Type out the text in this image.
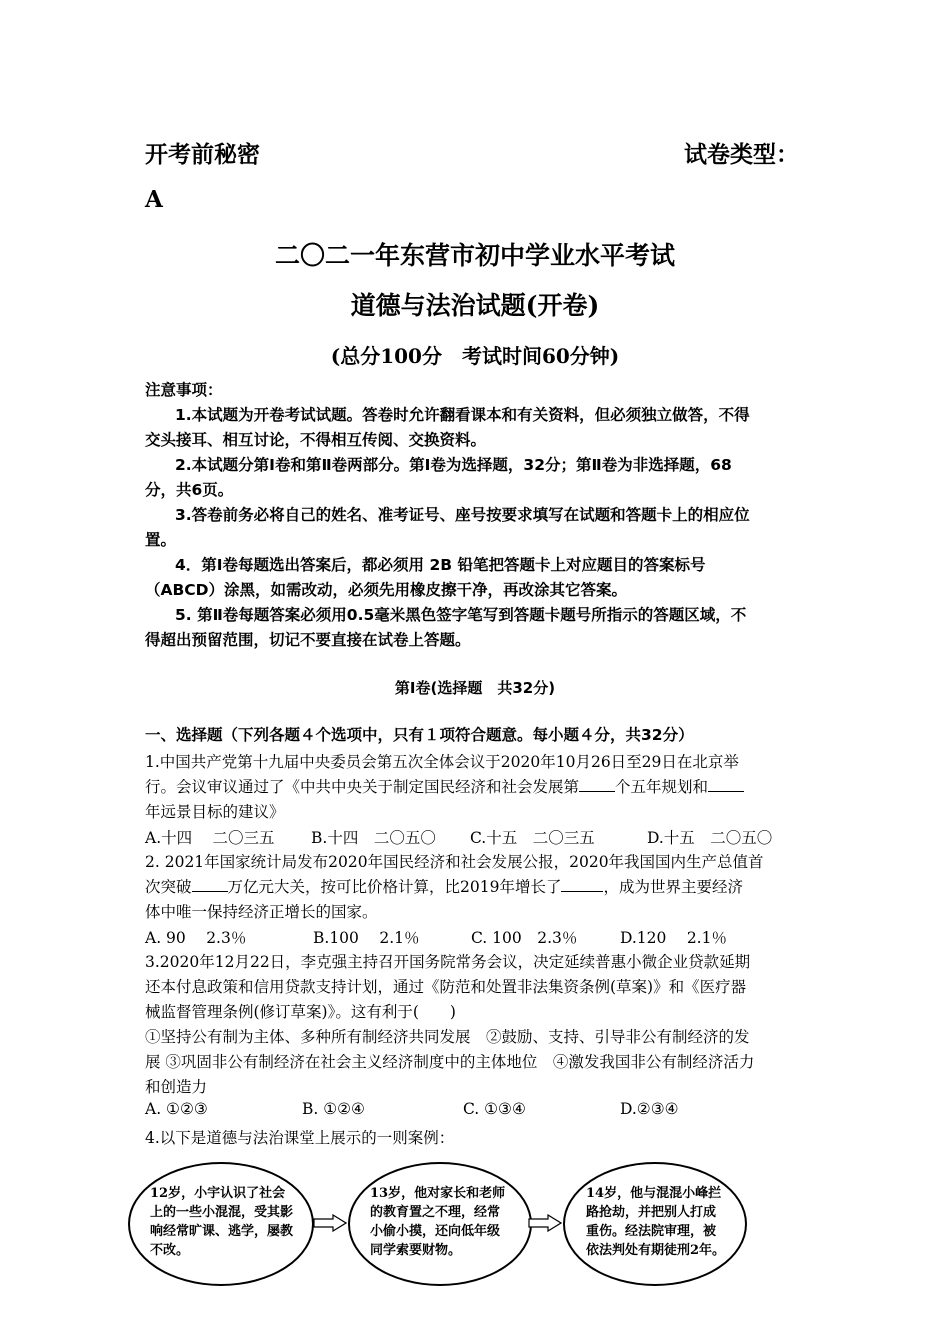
开考前秘密	试卷类型：
A
二〇二一年东营市初中学业水平考试
道德与法治试题(开卷)
(总分100分　考试时间60分钟)
注意事项：
1.本试题为开卷考试试题。答卷时允许翻看课本和有关资料，但必须独立做答，不得
交头接耳、相互讨论，不得相互传阅、交换资料。
2.本试题分第Ⅰ卷和第Ⅱ卷两部分。第Ⅰ卷为选择题，32分；第Ⅱ卷为非选择题，68
分，共6页。
3.答卷前务必将自己的姓名、准考证号、座号按要求填写在试题和答题卡上的相应位
置。
4．第Ⅰ卷每题选出答案后，都必须用 2B 铅笔把答题卡上对应题目的答案标号
（ABCD）涂黑，如需改动，必须先用橡皮擦干净，再改涂其它答案。
5. 第Ⅱ卷每题答案必须用0.5毫米黑色签字笔写到答题卡题号所指示的答题区域，不
得超出预留范围，切记不要直接在试卷上答题。
第Ⅰ卷(选择题　共32分)
一、选择题（下列各题４个选项中，只有１项符合题意。每小题４分，共32分）
1.中国共产党第十九届中央委员会第五次全体会议于2020年10月26日至29日在北京举
行。会议审议通过了《中共中央关于制定国民经济和社会发展第 个五年规划和
年远景目标的建议》
A.十四　 二〇三五 B.十四　二〇五〇 C.十五　二〇三五	D.十五　二〇五〇
2. 2021年国家统计局发布2020年国民经济和社会发展公报，2020年我国国内生产总值首
次突破 万亿元大关，按可比价格计算，比2019年增长了	，成为世界主要经济
体中唯一保持经济正增长的国家。
A. 90　 2.3％	B.100　 2.1％	C. 100　2.3％	D.120　 2.1％
3.2020年12月22日，李克强主持召开国务院常务会议，决定延续普惠小微企业贷款延期
还本付息政策和信用贷款支持计划，通过《防范和处置非法集资条例(草案)》和《医疗器
械监督管理条例(修订草案)》。这有利于(　　)
①坚持公有制为主体、多种所有制经济共同发展　②鼓励、支持、引导非公有制经济的发
展 ③巩固非公有制经济在社会主义经济制度中的主体地位　④激发我国非公有制经济活力
和创造力
A. ①②③	B. ①②④	C. ①③④	D.②③④
4.以下是道德与法治课堂上展示的一则案例：
12岁，小宇认识了社会上的一些小混混，受其影响经常旷课、逃学，屡教不改。
13岁，他对家长和老师的教育置之不理，经常小偷小摸，还向低年级同学索要财物。
14岁，他与混混小峰拦路抢劫，并把别人打成重伤。经法院审理，被依法判处有期徒刑2年。
